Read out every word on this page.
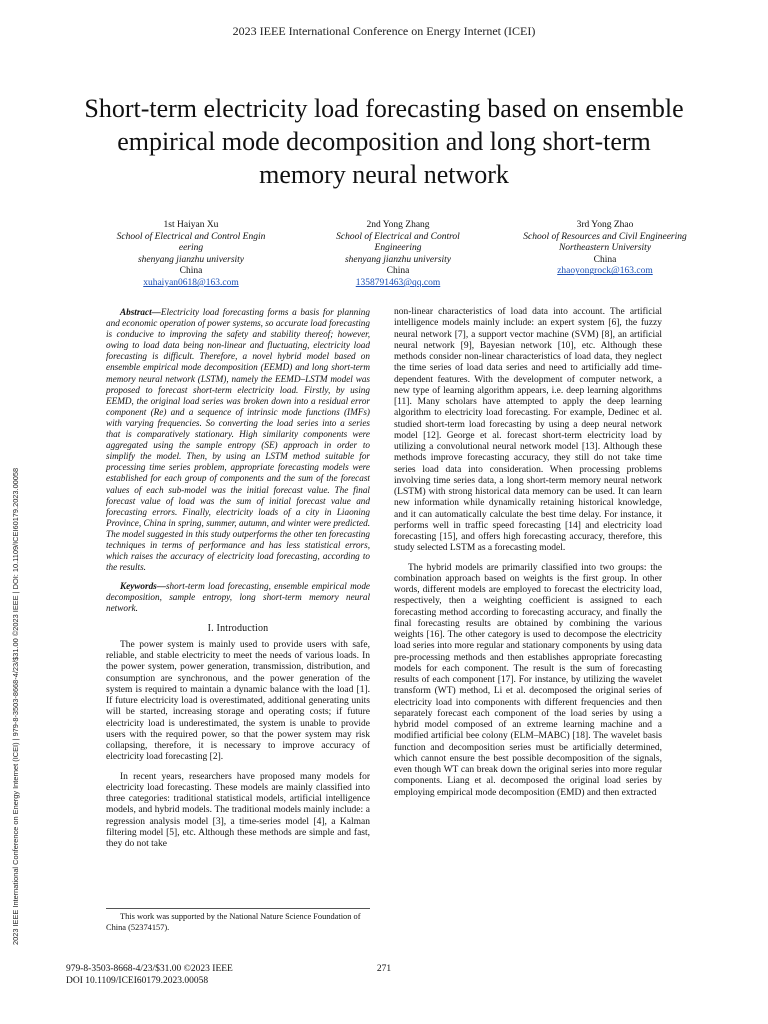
2023 IEEE International Conference on Energy Internet (ICEI)
Short-term electricity load forecasting based on ensemble empirical mode decomposition and long short-term memory neural network
1st Haiyan Xu
School of Electrical and Control Engin eering
shenyang jianzhu university
China
xuhaiyan0618@163.com
2nd Yong Zhang
School of Electrical and Control Engineering
shenyang jianzhu university
China
1358791463@qq.com
3rd Yong Zhao
School of Resources and Civil Engineering
Northeastern University
China
zhaoyongrock@163.com
Abstract—Electricity load forecasting forms a basis for planning and economic operation of power systems, so accurate load forecasting is conducive to improving the safety and stability thereof; however, owing to load data being non-linear and fluctuating, electricity load forecasting is difficult. Therefore, a novel hybrid model based on ensemble empirical mode decomposition (EEMD) and long short-term memory neural network (LSTM), namely the EEMD–LSTM model was proposed to forecast short-term electricity load. Firstly, by using EEMD, the original load series was broken down into a residual error component (Re) and a sequence of intrinsic mode functions (IMFs) with varying frequencies. So converting the load series into a series that is comparatively stationary. High similarity components were aggregated using the sample entropy (SE) approach in order to simplify the model. Then, by using an LSTM method suitable for processing time series problem, appropriate forecasting models were established for each group of components and the sum of the forecast values of each sub-model was the initial forecast value. The final forecast value of load was the sum of initial forecast value and forecasting errors. Finally, electricity loads of a city in Liaoning Province, China in spring, summer, autumn, and winter were predicted. The model suggested in this study outperforms the other ten forecasting techniques in terms of performance and has less statistical errors, which raises the accuracy of electricity load forecasting, according to the results.
Keywords—short-term load forecasting, ensemble empirical mode decomposition, sample entropy, long short-term memory neural network.
I. Introduction

The power system is mainly used to provide users with safe, reliable, and stable electricity to meet the needs of various loads. In the power system, power generation, transmission, distribution, and consumption are synchronous, and the power generation of the system is required to maintain a dynamic balance with the load [1]. If future electricity load is overestimated, additional generating units will be started, increasing storage and operating costs; if future electricity load is underestimated, the system is unable to provide users with the required power, so that the power system may risk collapsing, therefore, it is necessary to improve accuracy of electricity load forecasting [2].

In recent years, researchers have proposed many models for electricity load forecasting. These models are mainly classified into three categories: traditional statistical models, artificial intelligence models, and hybrid models. The traditional models mainly include: a regression analysis model [3], a time-series model [4], a Kalman filtering model [5], etc. Although these methods are simple and fast, they do not take

non-linear characteristics of load data into account. The artificial intelligence models mainly include: an expert system [6], the fuzzy neural network [7], a support vector machine (SVM) [8], an artificial neural network [9], Bayesian network [10], etc. Although these methods consider non-linear characteristics of load data, they neglect the time series of load data series and need to artificially add time-dependent features. With the development of computer network, a new type of learning algorithm appears, i.e. deep learning algorithms [11]. Many scholars have attempted to apply the deep learning algorithm to electricity load forecasting. For example, Dedinec et al. studied short-term load forecasting by using a deep neural network model [12]. George et al. forecast short-term electricity load by utilizing a convolutional neural network model [13]. Although these methods improve forecasting accuracy, they still do not take time series load data into consideration. When processing problems involving time series data, a long short-term memory neural network (LSTM) with strong historical data memory can be used. It can learn new information while dynamically retaining historical knowledge, and it can automatically calculate the best time delay. For instance, it performs well in traffic speed forecasting [14] and electricity load forecasting [15], and offers high forecasting accuracy, therefore, this study selected LSTM as a forecasting model.

The hybrid models are primarily classified into two groups: the combination approach based on weights is the first group. In other words, different models are employed to forecast the electricity load, respectively, then a weighting coefficient is assigned to each forecasting method according to forecasting accuracy, and finally the final forecasting results are obtained by combining the various weights [16]. The other category is used to decompose the electricity load series into more regular and stationary components by using data pre-processing methods and then establishes appropriate forecasting models for each component. The result is the sum of forecasting results of each component [17]. For instance, by utilizing the wavelet transform (WT) method, Li et al. decomposed the original series of electricity load into components with different frequencies and then separately forecast each component of the load series by using a hybrid model composed of an extreme learning machine and a modified artificial bee colony (ELM–MABC) [18]. The wavelet basis function and decomposition series must be artificially determined, which cannot ensure the best possible decomposition of the signals, even though WT can break down the original series into more regular components. Liang et al. decomposed the original load series by employing empirical mode decomposition (EMD) and then extracted

This work was supported by the National Nature Science Foundation of China (52374157).

979-8-3503-8668-4/23/$31.00 ©2023 IEEE
DOI 10.1109/ICEI60179.2023.00058
271
2023 IEEE International Conference on Energy Internet (ICEI) | 979-8-3503-8668-4/23/$31.00 ©2023 IEEE | DOI: 10.1109/ICEI60179.2023.00058
